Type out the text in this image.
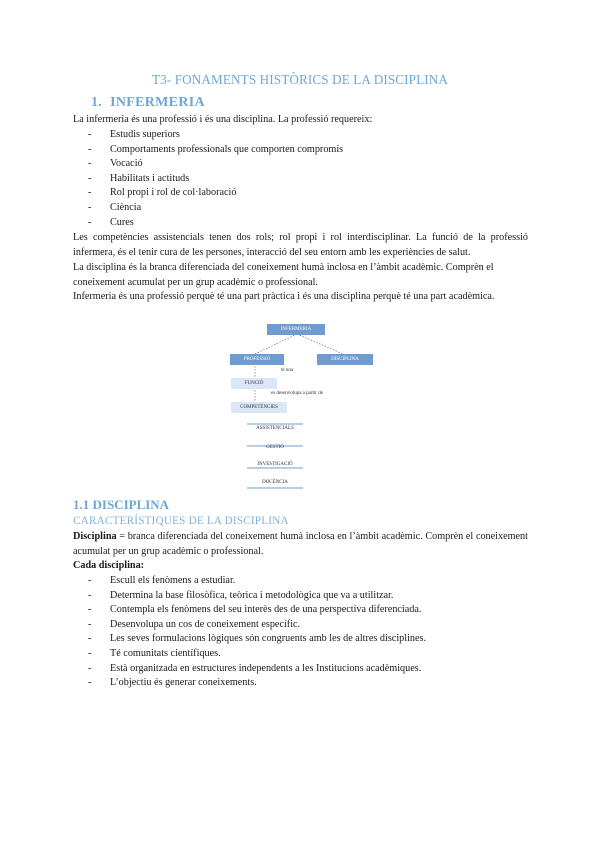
T3- FONAMENTS HISTÒRICS DE LA DISCIPLINA
1. INFERMERIA
La infermeria és una professió i és una disciplina. La professió requereix:
- Estudis superiors
- Comportaments professionals que comporten compromís
- Vocació
- Habilitats i actituds
- Rol propi i rol de col·laboració
- Ciència
- Cures
Les competències assistencials tenen dos rols; rol propi i rol interdisciplinar. La funció de la professió infermera, és el tenir cura de les persones, interacció del seu entorn amb les experiències de salut.
La disciplina és la branca diferenciada del coneixement humà inclosa en l’àmbit acadèmic. Comprèn el coneixement acumulat per un grup acadèmic o professional.
Infermeria és una professió perquè té una part pràctica i és una disciplina perquè té una part acadèmica.
INFERMERIA
PROFESSIÓ	DISCIPLINA
té una
FUNCIÓ
es desenvolupa a partir de
COMPETÈNCIES
ASSISTENCIALS
GESTIÓ
INVESTIGACIÓ
DOCÈNCIA
1.1 DISCIPLINA
CARACTERÍSTIQUES DE LA DISCIPLINA
Disciplina = branca diferenciada del coneixement humà inclosa en l’àmbit acadèmic. Comprèn el coneixement acumulat per un grup acadèmic o professional.
Cada disciplina:
- Escull els fenòmens a estudiar.
- Determina la base filosòfica, teòrica i metodològica que va a utilitzar.
- Contempla els fenòmens del seu interès des de una perspectiva diferenciada.
- Desenvolupa un cos de coneixement específic.
- Les seves formulacions lògiques són congruents amb les de altres disciplines.
- Té comunitats científiques.
- Està organitzada en estructures independents a les Institucions acadèmiques.
- L’objectiu és generar coneixements.
